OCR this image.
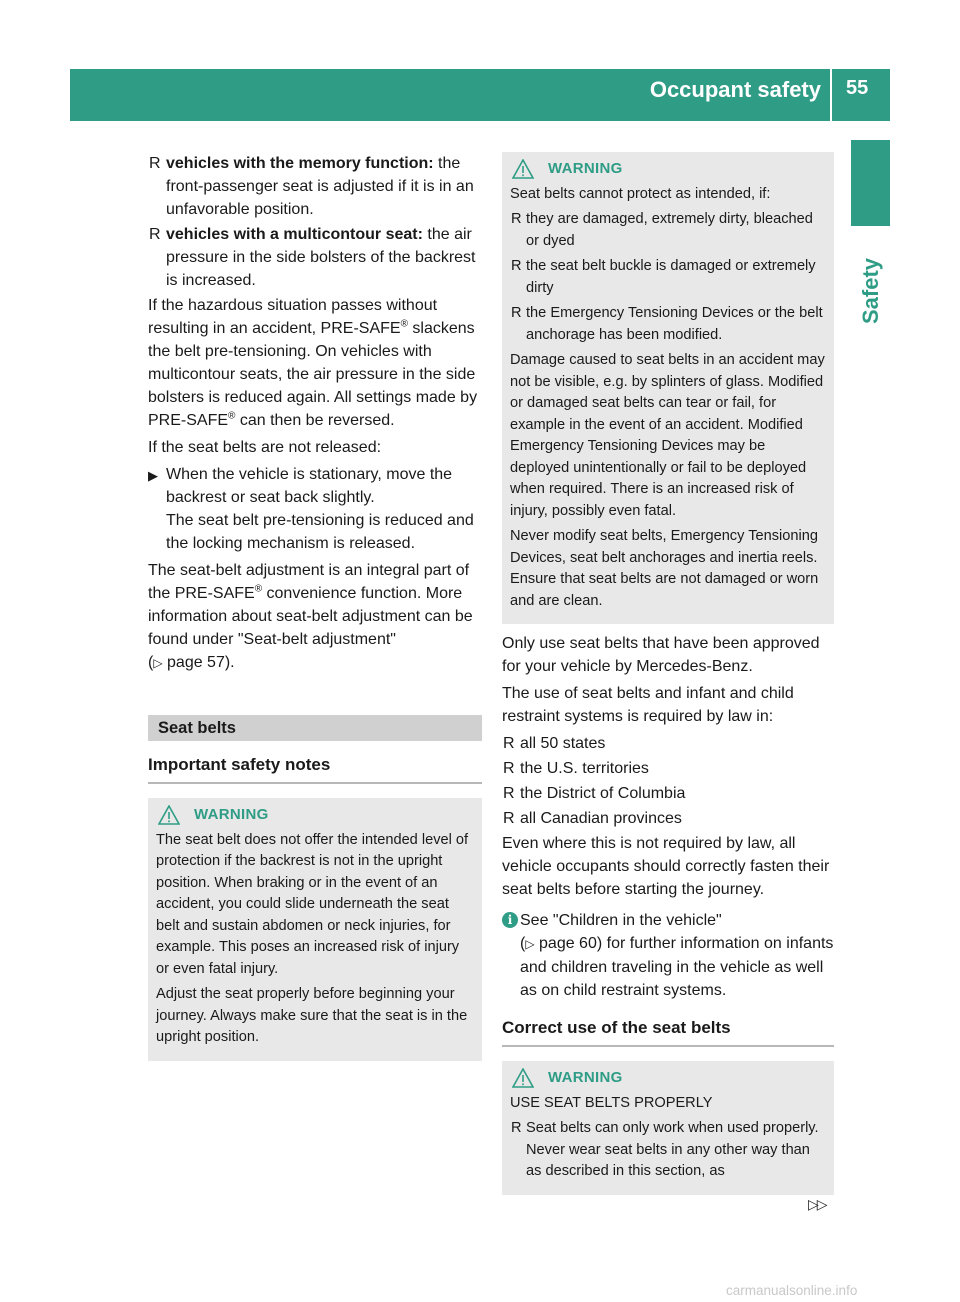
Occupant safety	55
Safety
R vehicles with the memory function: the front-passenger seat is adjusted if it is in an unfavorable position.
R vehicles with a multicontour seat: the air pressure in the side bolsters of the backrest is increased.

If the hazardous situation passes without resulting in an accident, PRE-SAFE® slackens the belt pre-tensioning. On vehicles with multicontour seats, the air pressure in the side bolsters is reduced again. All settings made by PRE-SAFE® can then be reversed.

If the seat belts are not released:

▶ When the vehicle is stationary, move the backrest or seat back slightly.
The seat belt pre-tensioning is reduced and the locking mechanism is released.

The seat-belt adjustment is an integral part of the PRE-SAFE® convenience function. More information about seat-belt adjustment can be found under "Seat-belt adjustment"
(▷ page 57).

Seat belts
Important safety notes
WARNING

The seat belt does not offer the intended level of protection if the backrest is not in the upright position. When braking or in the event of an accident, you could slide underneath the seat belt and sustain abdomen or neck injuries, for example. This poses an increased risk of injury or even fatal injury.

Adjust the seat properly before beginning your journey. Always make sure that the seat is in the upright position.

WARNING

Seat belts cannot protect as intended, if:

R they are damaged, extremely dirty, bleached or dyed
R the seat belt buckle is damaged or extremely dirty
R the Emergency Tensioning Devices or the belt anchorage has been modified.

Damage caused to seat belts in an accident may not be visible, e.g. by splinters of glass. Modified or damaged seat belts can tear or fail, for example in the event of an accident. Modified Emergency Tensioning Devices may be deployed unintentionally or fail to be deployed when required. There is an increased risk of injury, possibly even fatal.

Never modify seat belts, Emergency Tensioning Devices, seat belt anchorages and inertia reels. Ensure that seat belts are not damaged or worn and are clean.

Only use seat belts that have been approved for your vehicle by Mercedes-Benz.

The use of seat belts and infant and child restraint systems is required by law in:

R all 50 states
R the U.S. territories
R the District of Columbia
R all Canadian provinces

Even where this is not required by law, all vehicle occupants should correctly fasten their seat belts before starting the journey.

i See "Children in the vehicle"
(▷ page 60) for further information on infants and children traveling in the vehicle as well as on child restraint systems.
Correct use of the seat belts
WARNING

USE SEAT BELTS PROPERLY

R Seat belts can only work when used properly. Never wear seat belts in any other way than as described in this section, as
▷▷
carmanualsonline.info
